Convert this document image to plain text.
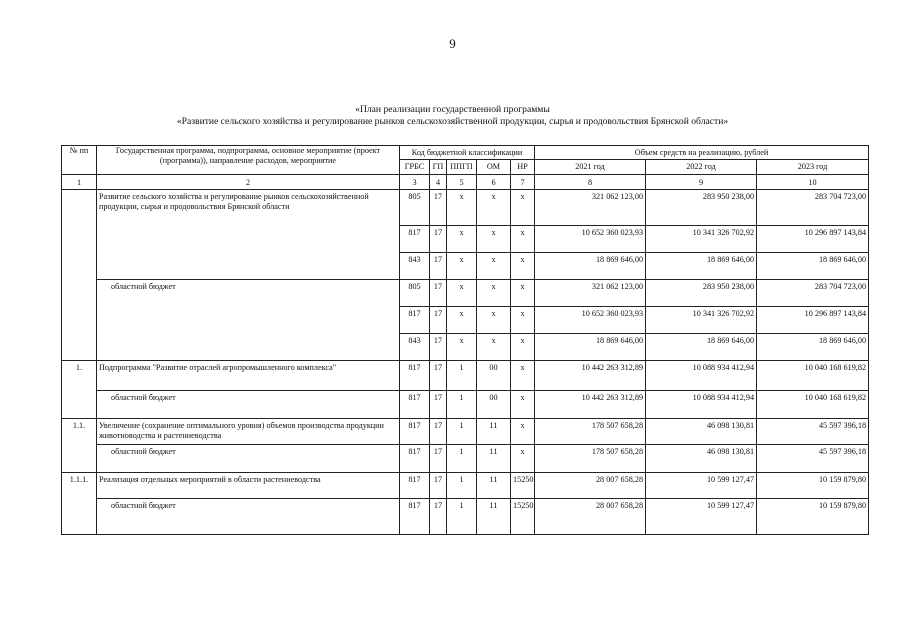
9
«План реализации государственной программы
«Развитие сельского хозяйства и регулирование рынков сельскохозяйственной продукции, сырья и продовольствия Брянской области»
№ пп	Государственная программа, подпрограмма, основное мероприятие (проект (программа)), направление расходов, мероприятие	Код бюджетной классификации					Объем средств на реализацию, рублей		
		ГРБС	ГП	ППГП	ОМ	НР	2021 год	2022 год	2023 год
1	2	3	4	5	6	7	8	9	10
	Развитие сельского хозяйства и регулирование рынков сельскохозяйственной продукции, сырья и продовольствия Брянской области	805	17	х	х	х	321 062 123,00	283 950 238,00	283 704 723,00
		817	17	х	х	х	10 652 360 023,93	10 341 326 702,92	10 296 897 143,84
		843	17	х	х	х	18 869 646,00	18 869 646,00	18 869 646,00
	областной бюджет	805	17	х	х	х	321 062 123,00	283 950 238,00	283 704 723,00
		817	17	х	х	х	10 652 360 023,93	10 341 326 702,92	10 296 897 143,84
		843	17	х	х	х	18 869 646,00	18 869 646,00	18 869 646,00
1.	Подпрограмма "Развитие отраслей агропромышленного комплекса"	817	17	1	00	х	10 442 263 312,89	10 088 934 412,94	10 040 168 619,82
	областной бюджет	817	17	1	00	х	10 442 263 312,89	10 088 934 412,94	10 040 168 619,82
1.1.	Увеличение (сохранение оптимального уровня) объемов производства продукции животноводства и растениеводства	817	17	1	11	х	178 507 658,28	46 098 130,81	45 597 396,18
	областной бюджет	817	17	1	11	х	178 507 658,28	46 098 130,81	45 597 396,18
1.1.1.	Реализация отдельных мероприятий в области растениеводства	817	17	1	11	15250	28 007 658,28	10 599 127,47	10 159 879,80
	областной бюджет	817	17	1	11	15250	28 007 658,28	10 599 127,47	10 159 879,80
